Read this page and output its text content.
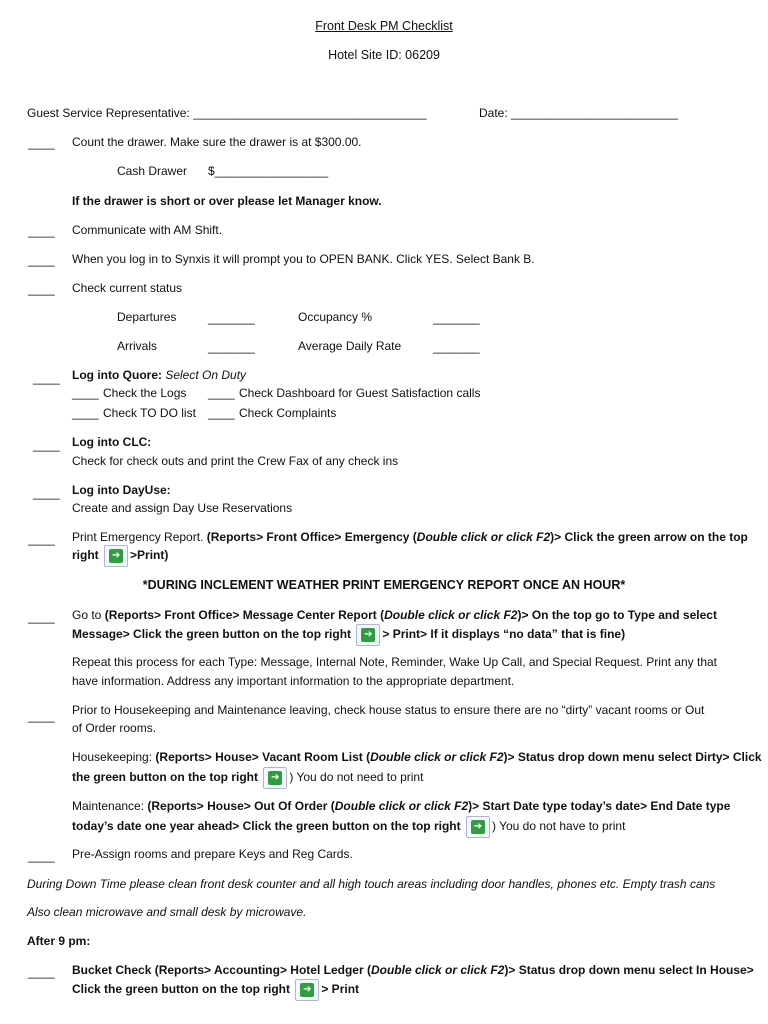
Front Desk PM Checklist
Hotel Site ID: 06209
Guest Service Representative: ___________________________________	Date: _________________________
____ Count the drawer. Make sure the drawer is at $300.00.
Cash Drawer $_________________
If the drawer is short or over please let Manager know.
____ Communicate with AM Shift.
____ When you log in to Synxis it will prompt you to OPEN BANK. Click YES. Select Bank B.
____ Check current status
Departures	_______	Occupancy %	_______
Arrivals	_______	Average Daily Rate	_______
____ Log into Quore: Select On Duty
____ Check the Logs ____ Check Dashboard for Guest Satisfaction calls
____ Check TO DO list ____ Check Complaints
____ Log into CLC:
Check for check outs and print the Crew Fax of any check ins
____ Log into DayUse:
Create and assign Day Use Reservations
____ Print Emergency Report. (Reports> Front Office> Emergency (Double click or click F2)> Click the green arrow on the top
right ➔	>Print)
*DURING INCLEMENT WEATHER PRINT EMERGENCY REPORT ONCE AN HOUR*
____ Go to (Reports> Front Office> Message Center Report (Double click or click F2)> On the top go to Type and select
Message> Click the green button on the top right ➔	> Print> If it displays “no data” that is fine)
Repeat this process for each Type: Message, Internal Note, Reminder, Wake Up Call, and Special Request. Print any that
have information. Address any important information to the appropriate department.
____ Prior to Housekeeping and Maintenance leaving, check house status to ensure there are no “dirty” vacant rooms or Out
of Order rooms.
Housekeeping: (Reports> House> Vacant Room List (Double click or click F2)> Status drop down menu select Dirty> Click
the green button on the top right ➔	) You do not need to print
Maintenance: (Reports> House> Out Of Order (Double click or click F2)> Start Date type today’s date> End Date type
today’s date one year ahead> Click the green button on the top right ➔	) You do not have to print
____ Pre-Assign rooms and prepare Keys and Reg Cards.
During Down Time please clean front desk counter and all high touch areas including door handles, phones etc. Empty trash cans
Also clean microwave and small desk by microwave.
After 9 pm:
____ Bucket Check (Reports> Accounting> Hotel Ledger (Double click or click F2)> Status drop down menu select In House>
Click the green button on the top right ➔	> Print
